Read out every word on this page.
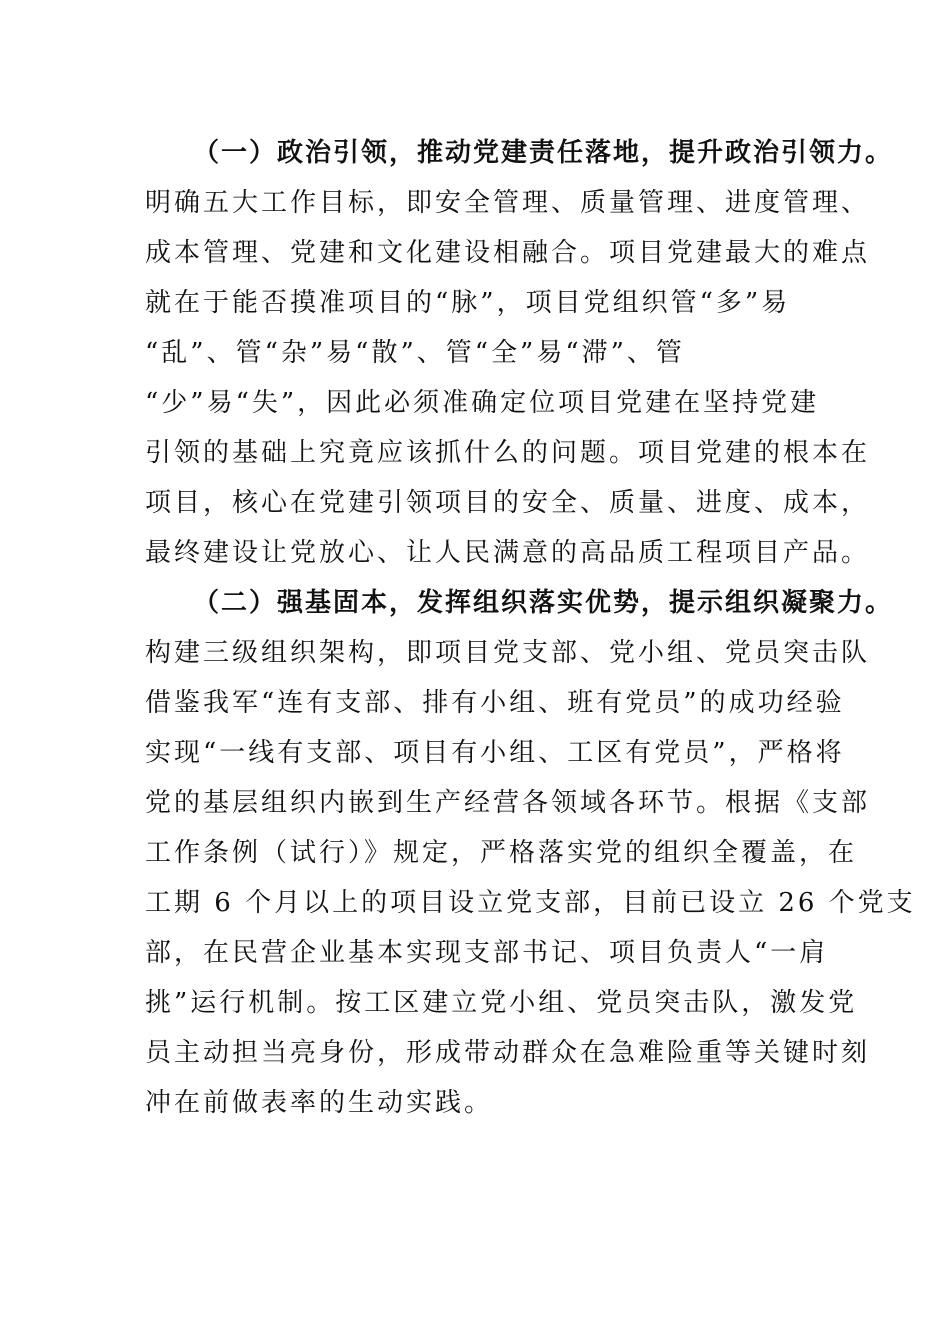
（一）政治引领，推动党建责任落地，提升政治引领力。
明确五大工作目标，即安全管理、质量管理、进度管理、
成本管理、党建和文化建设相融合。项目党建最大的难点
就在于能否摸准项目的“脉”，项目党组织管“多”易
“乱”、管“杂”易“散”、管“全”易“滞”、管
“少”易“失”，因此必须准确定位项目党建在坚持党建
引领的基础上究竟应该抓什么的问题。项目党建的根本在
项目，核心在党建引领项目的安全、质量、进度、成本，
最终建设让党放心、让人民满意的高品质工程项目产品。
（二）强基固本，发挥组织落实优势，提示组织凝聚力。
构建三级组织架构，即项目党支部、党小组、党员突击队
借鉴我军“连有支部、排有小组、班有党员”的成功经验
实现“一线有支部、项目有小组、工区有党员”，严格将
党的基层组织内嵌到生产经营各领域各环节。根据《支部
工作条例（试行）》规定，严格落实党的组织全覆盖，在
工期 6 个月以上的项目设立党支部，目前已设立 26 个党支
部，在民营企业基本实现支部书记、项目负责人“一肩
挑”运行机制。按工区建立党小组、党员突击队，激发党
员主动担当亮身份，形成带动群众在急难险重等关键时刻
冲在前做表率的生动实践。
